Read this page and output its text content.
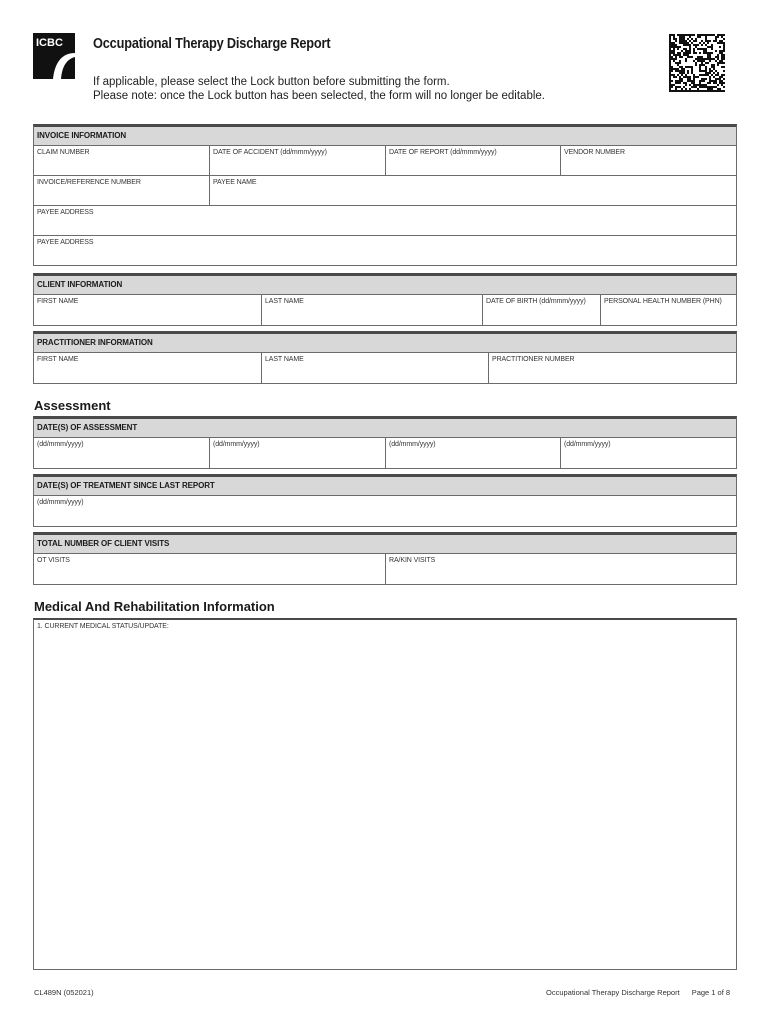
ICBC Occupational Therapy Discharge Report
If applicable, please select the Lock button before submitting the form.
Please note: once the Lock button has been selected, the form will no longer be editable.
INVOICE INFORMATION
CLAIM NUMBER	DATE OF ACCIDENT (dd/mmm/yyyy)	DATE OF REPORT (dd/mmm/yyyy)	VENDOR NUMBER
INVOICE/REFERENCE NUMBER	PAYEE NAME
PAYEE ADDRESS
PAYEE ADDRESS
CLIENT INFORMATION
FIRST NAME	LAST NAME	DATE OF BIRTH (dd/mmm/yyyy)	PERSONAL HEALTH NUMBER (PHN)
PRACTITIONER INFORMATION
FIRST NAME	LAST NAME	PRACTITIONER NUMBER
Assessment
DATE(S) OF ASSESSMENT
(dd/mmm/yyyy)	(dd/mmm/yyyy)	(dd/mmm/yyyy)	(dd/mmm/yyyy)
DATE(S) OF TREATMENT SINCE LAST REPORT
(dd/mmm/yyyy)
TOTAL NUMBER OF CLIENT VISITS
OT VISITS	RA/KIN VISITS
Medical And Rehabilitation Information
1. CURRENT MEDICAL STATUS/UPDATE:
CL489N (052021)	Occupational Therapy Discharge Report Page 1 of 8
